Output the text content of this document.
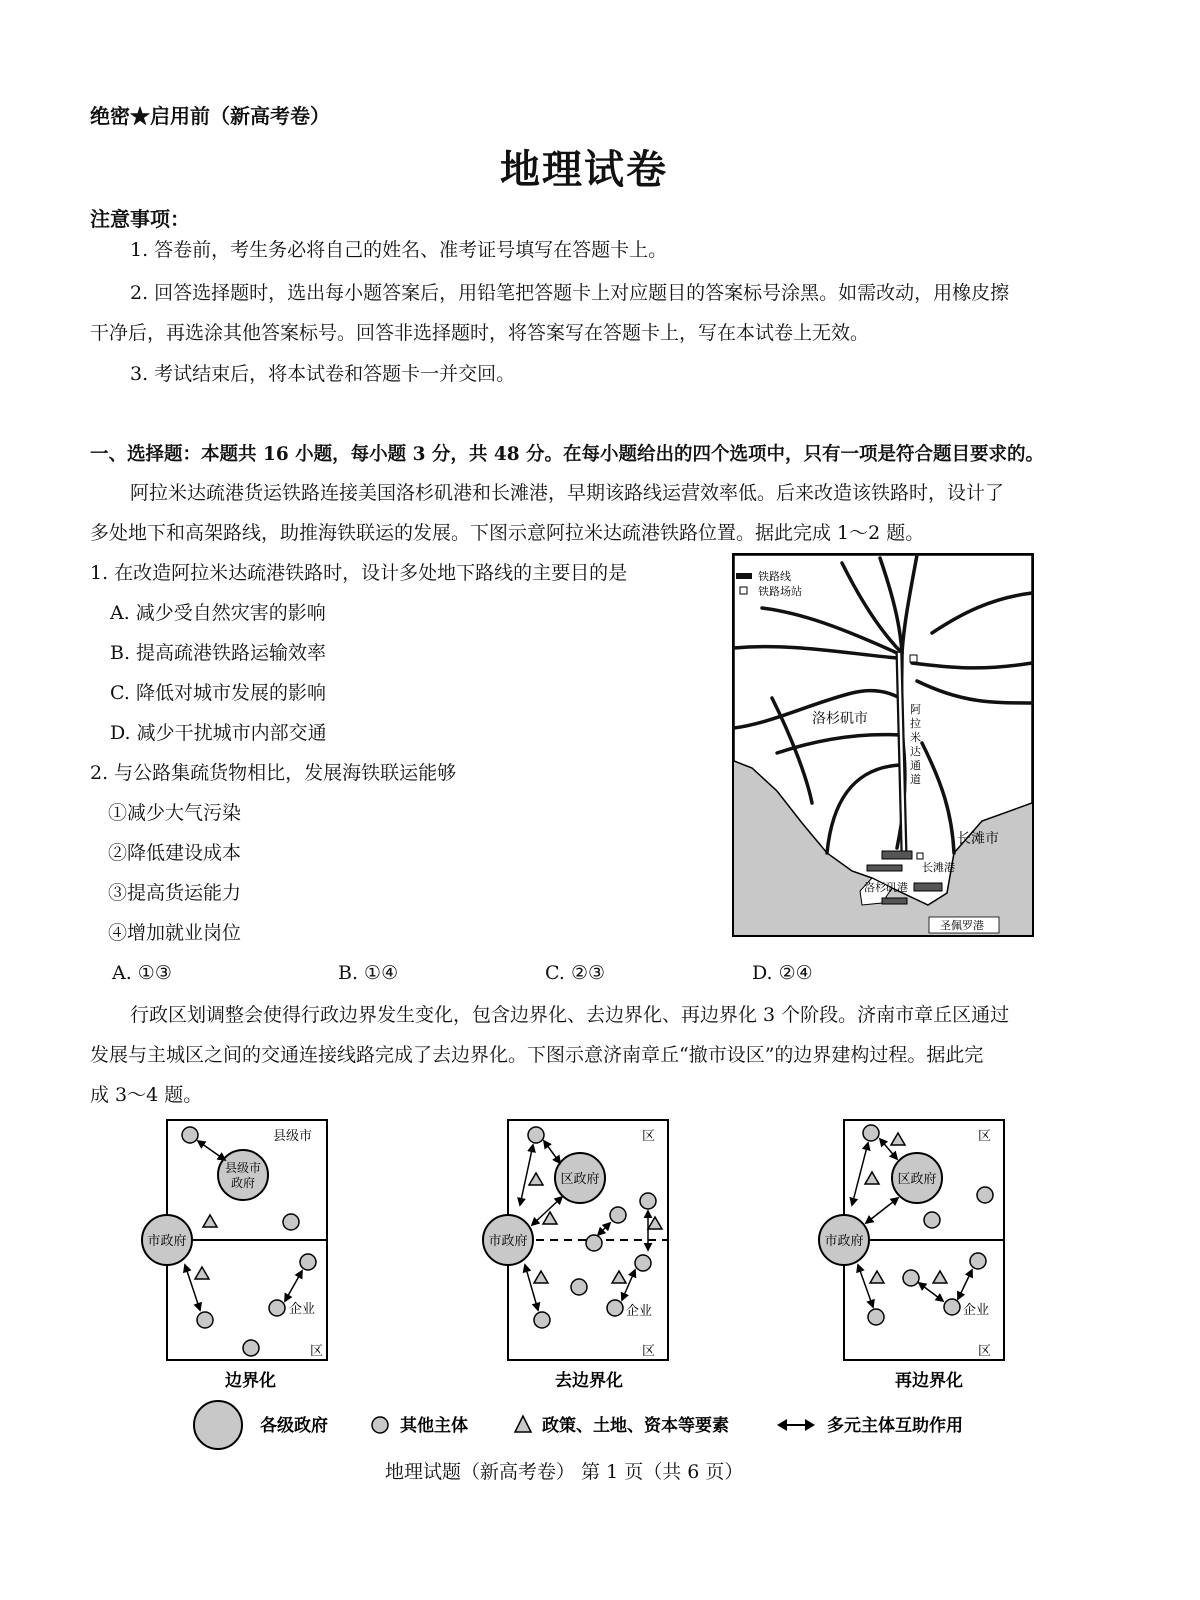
绝密★启用前（新高考卷）
地理试卷
注意事项：
1. 答卷前，考生务必将自己的姓名、准考证号填写在答题卡上。
2. 回答选择题时，选出每小题答案后，用铅笔把答题卡上对应题目的答案标号涂黑。如需改动，用橡皮擦
干净后，再选涂其他答案标号。回答非选择题时，将答案写在答题卡上，写在本试卷上无效。
3. 考试结束后，将本试卷和答题卡一并交回。
一、选择题：本题共 16 小题，每小题 3 分，共 48 分。在每小题给出的四个选项中，只有一项是符合题目要求的。
阿拉米达疏港货运铁路连接美国洛杉矶港和长滩港，早期该路线运营效率低。后来改造该铁路时，设计了
多处地下和高架路线，助推海铁联运的发展。下图示意阿拉米达疏港铁路位置。据此完成 1～2 题。
1. 在改造阿拉米达疏港铁路时，设计多处地下路线的主要目的是
A. 减少受自然灾害的影响
B. 提高疏港铁路运输效率
C. 降低对城市发展的影响
D. 减少干扰城市内部交通
2. 与公路集疏货物相比，发展海铁联运能够
①减少大气污染
②降低建设成本
③提高货运能力
④增加就业岗位
A. ①③	B. ①④	C. ②③	D. ②④
铁路线
铁路场站
洛杉矶市
阿
拉
米
达
通
道
长滩市
长滩港
洛杉矶港
圣佩罗港
行政区划调整会使得行政边界发生变化，包含边界化、去边界化、再边界化 3 个阶段。济南市章丘区通过
发展与主城区之间的交通连接线路完成了去边界化。下图示意济南章丘“撤市设区”的边界建构过程。据此完
成 3～4 题。
县级市
区
县级市
政府
市政府
企业
边界化
区
区
区政府
市政府
企业
去边界化
区
区
区政府
市政府
企业
再边界化
各级政府	其他主体	政策、土地、资本等要素	多元主体互助作用
地理试题（新高考卷） 第 1 页（共 6 页）
